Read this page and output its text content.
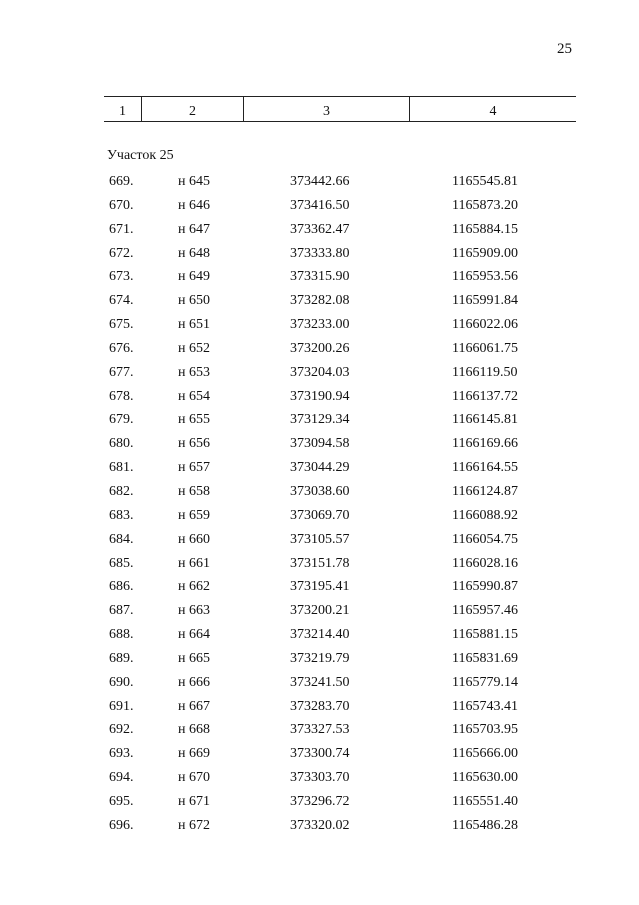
25
1	2	3	4
Участок 25
669.	н 645	373442.66	1165545.81
670.	н 646	373416.50	1165873.20
671.	н 647	373362.47	1165884.15
672.	н 648	373333.80	1165909.00
673.	н 649	373315.90	1165953.56
674.	н 650	373282.08	1165991.84
675.	н 651	373233.00	1166022.06
676.	н 652	373200.26	1166061.75
677.	н 653	373204.03	1166119.50
678.	н 654	373190.94	1166137.72
679.	н 655	373129.34	1166145.81
680.	н 656	373094.58	1166169.66
681.	н 657	373044.29	1166164.55
682.	н 658	373038.60	1166124.87
683.	н 659	373069.70	1166088.92
684.	н 660	373105.57	1166054.75
685.	н 661	373151.78	1166028.16
686.	н 662	373195.41	1165990.87
687.	н 663	373200.21	1165957.46
688.	н 664	373214.40	1165881.15
689.	н 665	373219.79	1165831.69
690.	н 666	373241.50	1165779.14
691.	н 667	373283.70	1165743.41
692.	н 668	373327.53	1165703.95
693.	н 669	373300.74	1165666.00
694.	н 670	373303.70	1165630.00
695.	н 671	373296.72	1165551.40
696.	н 672	373320.02	1165486.28
